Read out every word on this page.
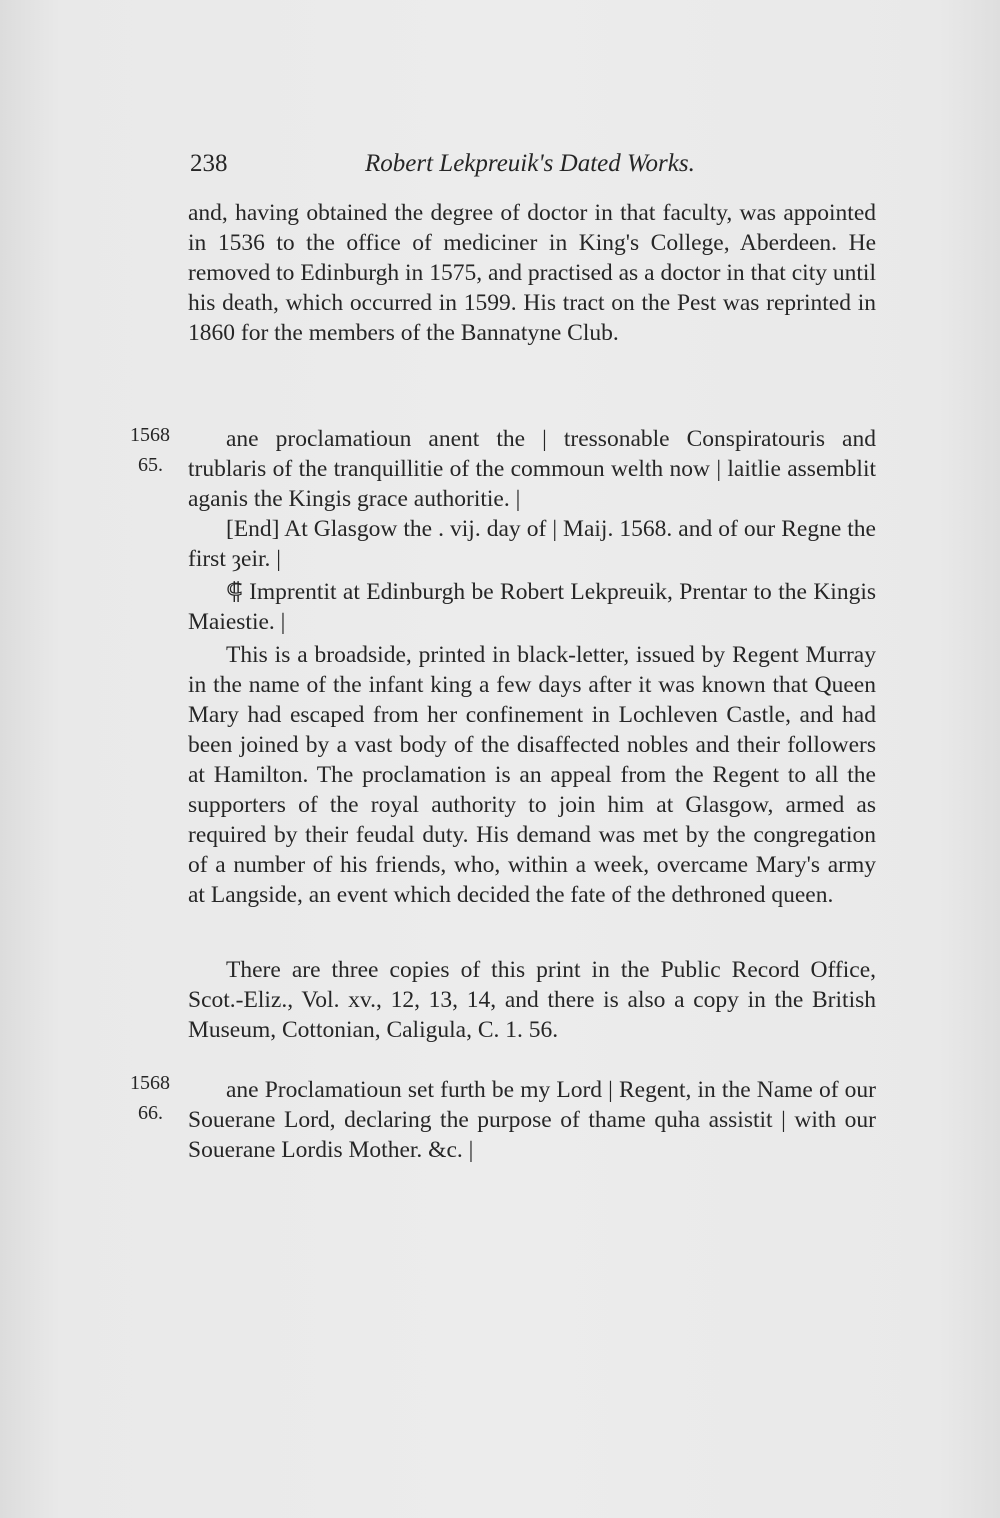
238	Robert Lekpreuik's Dated Works.

and, having obtained the degree of doctor in that faculty, was appointed in 1536 to the office of mediciner in King's College, Aberdeen. He removed to Edinburgh in 1575, and practised as a doctor in that city until his death, which occurred in 1599. His tract on the Pest was reprinted in 1860 for the members of the Bannatyne Club.

1568
65.

ane proclamatioun anent the | tressonable Conspiratouris and trublaris of the tranquillitie of the commoun welth now | laitlie assemblit aganis the Kingis grace authoritie. |

[End] At Glasgow the . vij. day of | Maij. 1568. and of our Regne the first ȝeir. |

⸿ Imprentit at Edinburgh be Robert Lekpreuik, Prentar to the Kingis Maiestie. |

This is a broadside, printed in black-letter, issued by Regent Murray in the name of the infant king a few days after it was known that Queen Mary had escaped from her confinement in Lochleven Castle, and had been joined by a vast body of the disaffected nobles and their followers at Hamilton. The proclamation is an appeal from the Regent to all the supporters of the royal authority to join him at Glasgow, armed as required by their feudal duty. His demand was met by the congregation of a number of his friends, who, within a week, overcame Mary's army at Langside, an event which decided the fate of the dethroned queen.

There are three copies of this print in the Public Record Office, Scot.-Eliz., Vol. xv., 12, 13, 14, and there is also a copy in the British Museum, Cottonian, Caligula, C. 1. 56.

1568
66.

ane Proclamatioun set furth be my Lord | Regent, in the Name of our Souerane Lord, declaring the purpose of thame quha assistit | with our Souerane Lordis Mother. &c. |
